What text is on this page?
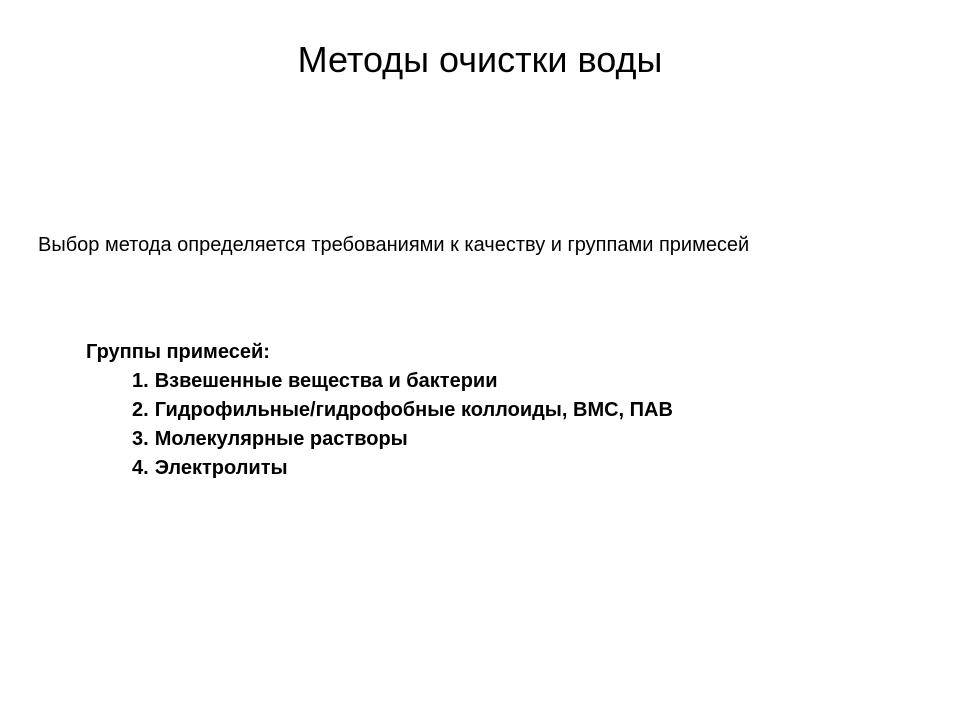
Методы очистки воды

Выбор метода определяется требованиями к качеству и группами примесей

Группы примесей:

1. Взвешенные вещества и бактерии
2. Гидрофильные/гидрофобные коллоиды, ВМС, ПАВ
3. Молекулярные растворы
4. Электролиты
